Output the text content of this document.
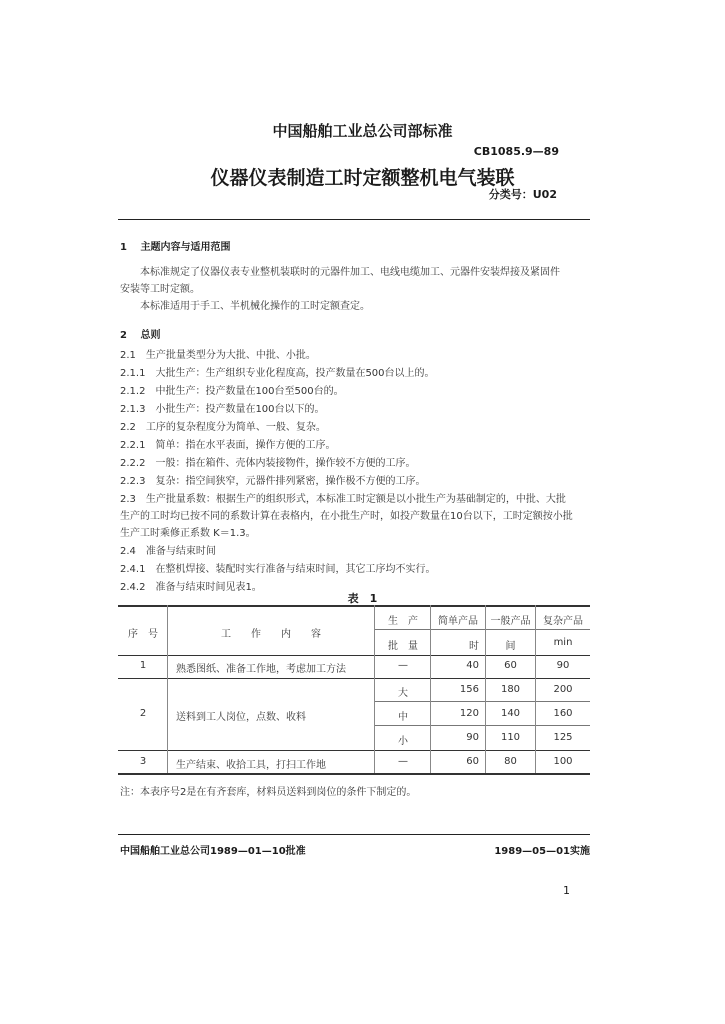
中国船舶工业总公司部标准
CB1085.9—89
仪器仪表制造工时定额整机电气装联
分类号：U02
1 主题内容与适用范围
本标准规定了仪器仪表专业整机装联时的元器件加工、电线电缆加工、元器件安装焊接及紧固件
安装等工时定额。
本标准适用于手工、半机械化操作的工时定额查定。
2 总则
2.1　生产批量类型分为大批、中批、小批。
2.1.1　大批生产：生产组织专业化程度高，投产数量在500台以上的。
2.1.2　中批生产：投产数量在100台至500台的。
2.1.3　小批生产：投产数量在100台以下的。
2.2　工序的复杂程度分为简单、一般、复杂。
2.2.1　简单：指在水平表面，操作方便的工序。
2.2.2　一般：指在箱件、壳体内装接物件，操作较不方便的工序。
2.2.3　复杂：指空间狭窄，元器件排列紧密，操作极不方便的工序。
2.3　生产批量系数：根据生产的组织形式，本标准工时定额是以小批生产为基础制定的，中批、大批
生产的工时均已按不同的系数计算在表格内，在小批生产时，如投产数量在10台以下，工时定额按小批
生产工时乘修正系数 K＝1.3。
2.4　准备与结束时间
2.4.1　在整机焊接、装配时实行准备与结束时间，其它工序均不实行。
2.4.2　准备与结束时间见表1。
表　1
序　号	工　　作　　内　　容
生　产
批　量
简单产品	一般产品	复杂产品
时	间	min
1	熟悉图纸、准备工作地，考虑加工方法	—	40	60	90
大	156	180	200
2	送料到工人岗位，点数、收料	中	120	140	160
小	90	110	125
3	生产结束、收拾工具，打扫工作地	—	60	80	100
注：本表序号2是在有齐套库，材料员送料到岗位的条件下制定的。
中国船舶工业总公司1989—01—10批准	1989—05—01实施
1
